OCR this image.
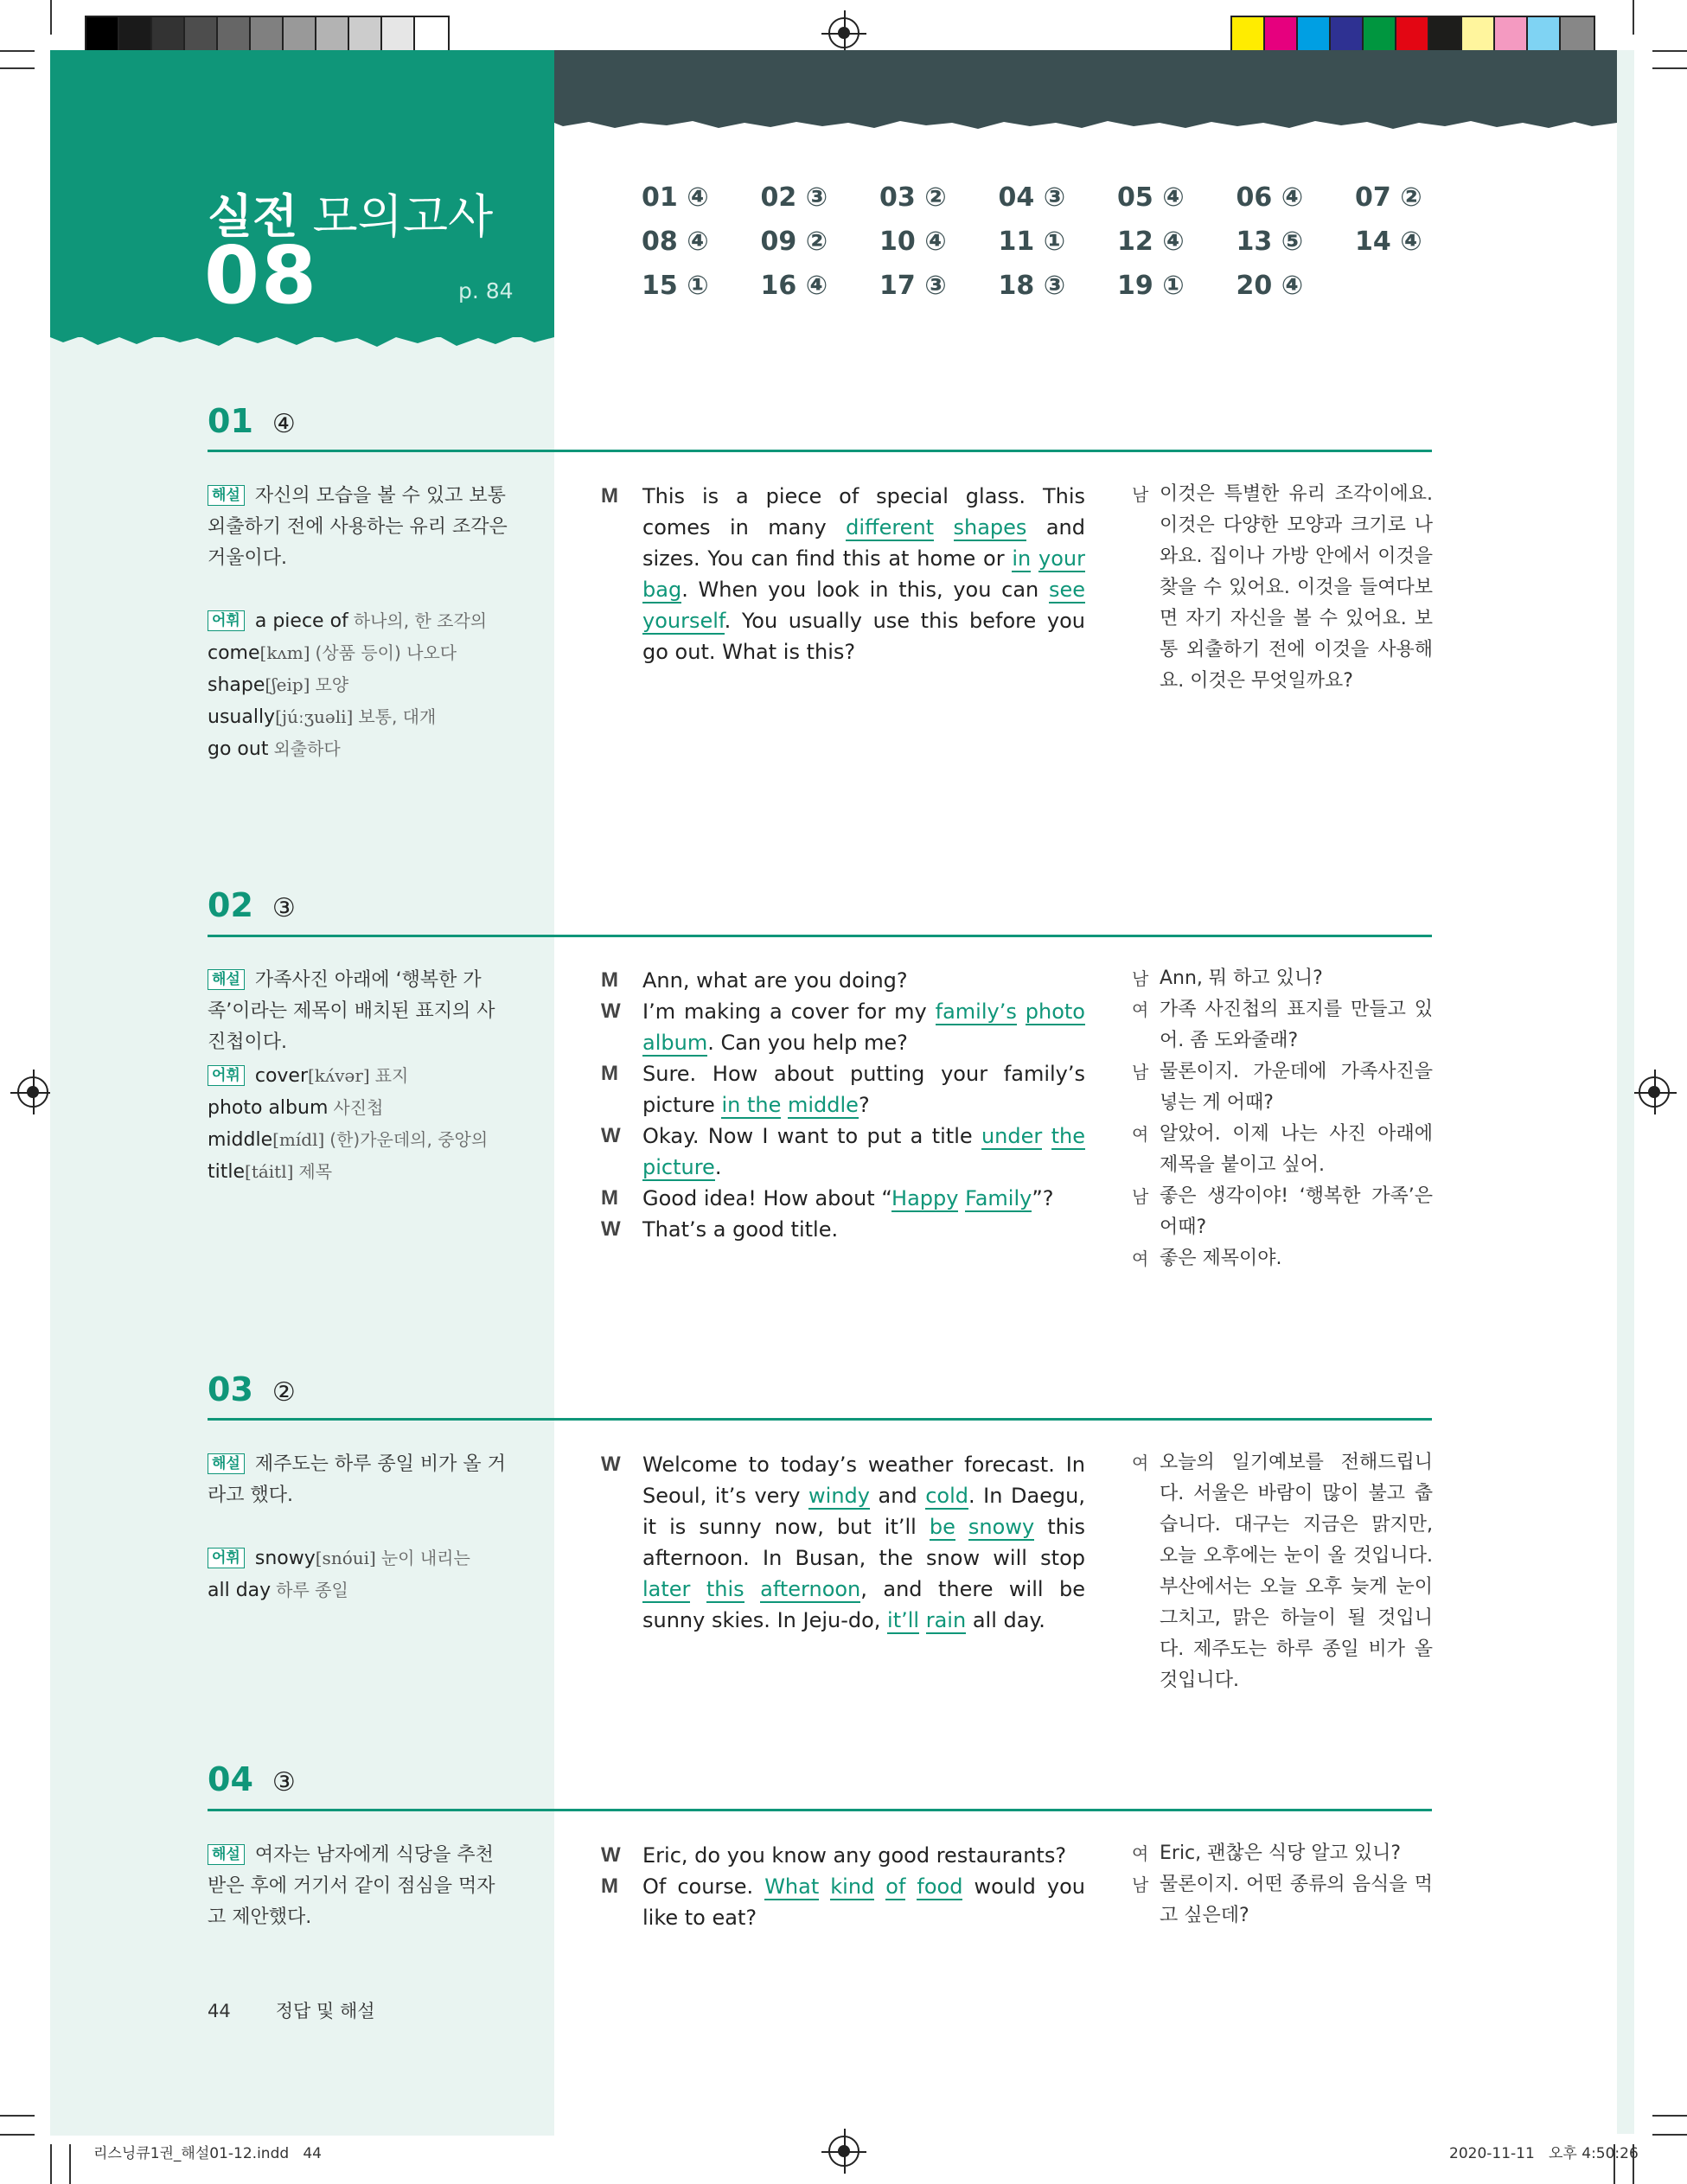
실전 모의고사
08	p. 84
01 ④	02 ③	03 ②	04 ③	05 ④	06 ④	07 ②
08 ④	09 ②	10 ④	11 ①	12 ④	13 ⑤	14 ④
15 ①	16 ④	17 ③	18 ③	19 ①	20 ④
01 ④
해설 자신의 모습을 볼 수 있고 보통 외출하기 전에 사용하는 유리 조각은 거울이다.
어휘 a piece of 하나의, 한 조각의
come[kʌm] (상품 등이) 나오다
shape[ʃeip] 모양
usually[júːʒuəli] 보통, 대개
go out 외출하다
M	This is a piece of special glass. This comes in many different shapes and sizes. You can find this at home or in your bag. When you look in this, you can see yourself. You usually use this before you go out. What is this?
남 이것은 특별한 유리 조각이에요. 이것은 다양한 모양과 크기로 나와요. 집이나 가방 안에서 이것을 찾을 수 있어요. 이것을 들여다보면 자기 자신을 볼 수 있어요. 보통 외출하기 전에 이것을 사용해요. 이것은 무엇일까요?
02 ③
해설 가족사진 아래에 ‘행복한 가족’이라는 제목이 배치된 표지의 사진첩이다.
어휘 cover[kʌ́vər] 표지
photo album 사진첩
middle[mídl] (한)가운데의, 중앙의
title[táitl] 제목
M	Ann, what are you doing?
W	I’m making a cover for my family’s photo album. Can you help me?
M	Sure. How about putting your family’s picture in the middle?
W	Okay. Now I want to put a title under the picture.
M	Good idea! How about “Happy Family”?
W	That’s a good title.
남 Ann, 뭐 하고 있니?
여 가족 사진첩의 표지를 만들고 있어. 좀 도와줄래?
남 물론이지. 가운데에 가족사진을 넣는 게 어때?
여 알았어. 이제 나는 사진 아래에 제목을 붙이고 싶어.
남 좋은 생각이야! ‘행복한 가족’은 어때?
여 좋은 제목이야.
03 ②
해설 제주도는 하루 종일 비가 올 거라고 했다.
어휘 snowy[snóui] 눈이 내리는
all day 하루 종일
W	Welcome to today’s weather forecast. In Seoul, it’s very windy and cold. In Daegu, it is sunny now, but it’ll be snowy this afternoon. In Busan, the snow will stop later this afternoon, and there will be sunny skies. In Jeju-do, it’ll rain all day.
여 오늘의 일기예보를 전해드립니다. 서울은 바람이 많이 불고 춥습니다. 대구는 지금은 맑지만, 오늘 오후에는 눈이 올 것입니다. 부산에서는 오늘 오후 늦게 눈이 그치고, 맑은 하늘이 될 것입니다. 제주도는 하루 종일 비가 올 것입니다.
04 ③
해설 여자는 남자에게 식당을 추천받은 후에 거기서 같이 점심을 먹자고 제안했다.
W	Eric, do you know any good restaurants?
M	Of course. What kind of food would you like to eat?
여 Eric, 괜찮은 식당 알고 있니?
남 물론이지. 어떤 종류의 음식을 먹고 싶은데?
44 정답 및 해설
리스닝큐1권_해설01-12.indd   44	2020-11-11   오후 4:50:26
